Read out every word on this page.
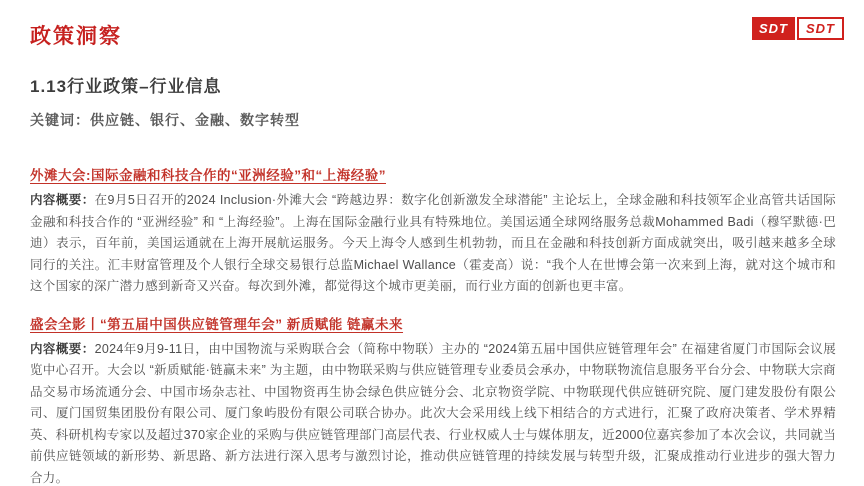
SDT	SDT
政策洞察
1.13行业政策–行业信息
关键词：供应链、银行、金融、数字转型
外滩大会:国际金融和科技合作的“亚洲经验”和“上海经验”
内容概要：在9月5日召开的2024 Inclusion·外滩大会 “跨越边界：数字化创新激发全球潜能” 主论坛上，全球金融和科技领军企业高管共话国际金融和科技合作的 “亚洲经验” 和 “上海经验”。上海在国际金融行业具有特殊地位。美国运通全球网络服务总裁Mohammed Badi（穆罕默德·巴迪）表示，百年前，美国运通就在上海开展航运服务。今天上海令人感到生机勃勃，而且在金融和科技创新方面成就突出，吸引越来越多全球同行的关注。汇丰财富管理及个人银行全球交易银行总监Michael Wallance（霍麦高）说：“我个人在世博会第一次来到上海，就对这个城市和这个国家的深广潜力感到新奇又兴奋。每次到外滩，都觉得这个城市更美丽，而行业方面的创新也更丰富。
盛会全影丨“第五届中国供应链管理年会” 新质赋能 链赢未来
内容概要：2024年9月9-11日，由中国物流与采购联合会（简称中物联）主办的 “2024第五届中国供应链管理年会” 在福建省厦门市国际会议展览中心召开。大会以 “新质赋能·链赢未来” 为主题，由中物联采购与供应链管理专业委员会承办，中物联物流信息服务平台分会、中物联大宗商品交易市场流通分会、中国市场杂志社、中国物资再生协会绿色供应链分会、北京物资学院、中物联现代供应链研究院、厦门建发股份有限公司、厦门国贸集团股份有限公司、厦门象屿股份有限公司联合协办。此次大会采用线上线下相结合的方式进行，汇聚了政府决策者、学术界精英、科研机构专家以及超过370家企业的采购与供应链管理部门高层代表、行业权威人士与媒体朋友，近2000位嘉宾参加了本次会议，共同就当前供应链领域的新形势、新思路、新方法进行深入思考与激烈讨论，推动供应链管理的持续发展与转型升级，汇聚成推动行业进步的强大智力合力。
